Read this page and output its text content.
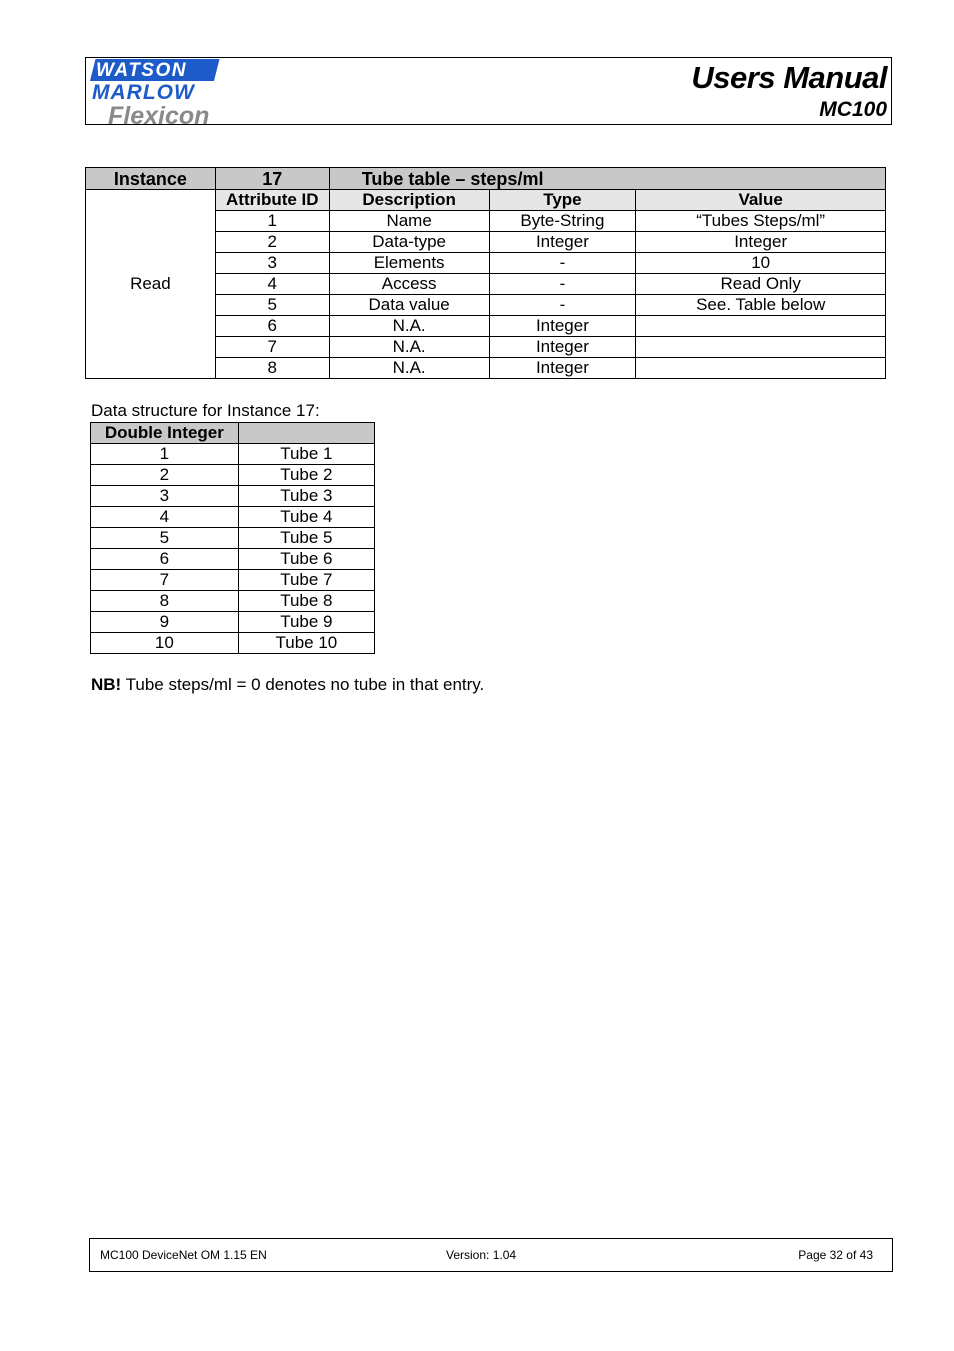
WATSON
MARLOW
Flexicon
Users Manual
MC100
Instance	17	Tube table – steps/ml		
Read	Attribute ID	Description	Type	Value
	1	Name	Byte-String	“Tubes Steps/ml”
	2	Data-type	Integer	Integer
	3	Elements	-	10
	4	Access	-	Read Only
	5	Data value	-	See. Table below
	6	N.A.	Integer	
	7	N.A.	Integer	
	8	N.A.	Integer	
Data structure for Instance 17:
Double Integer	
1	Tube 1
2	Tube 2
3	Tube 3
4	Tube 4
5	Tube 5
6	Tube 6
7	Tube 7
8	Tube 8
9	Tube 9
10	Tube 10
NB! Tube steps/ml = 0 denotes no tube in that entry.
MC100 DeviceNet OM 1.15 EN	Version: 1.04	Page 32 of 43
